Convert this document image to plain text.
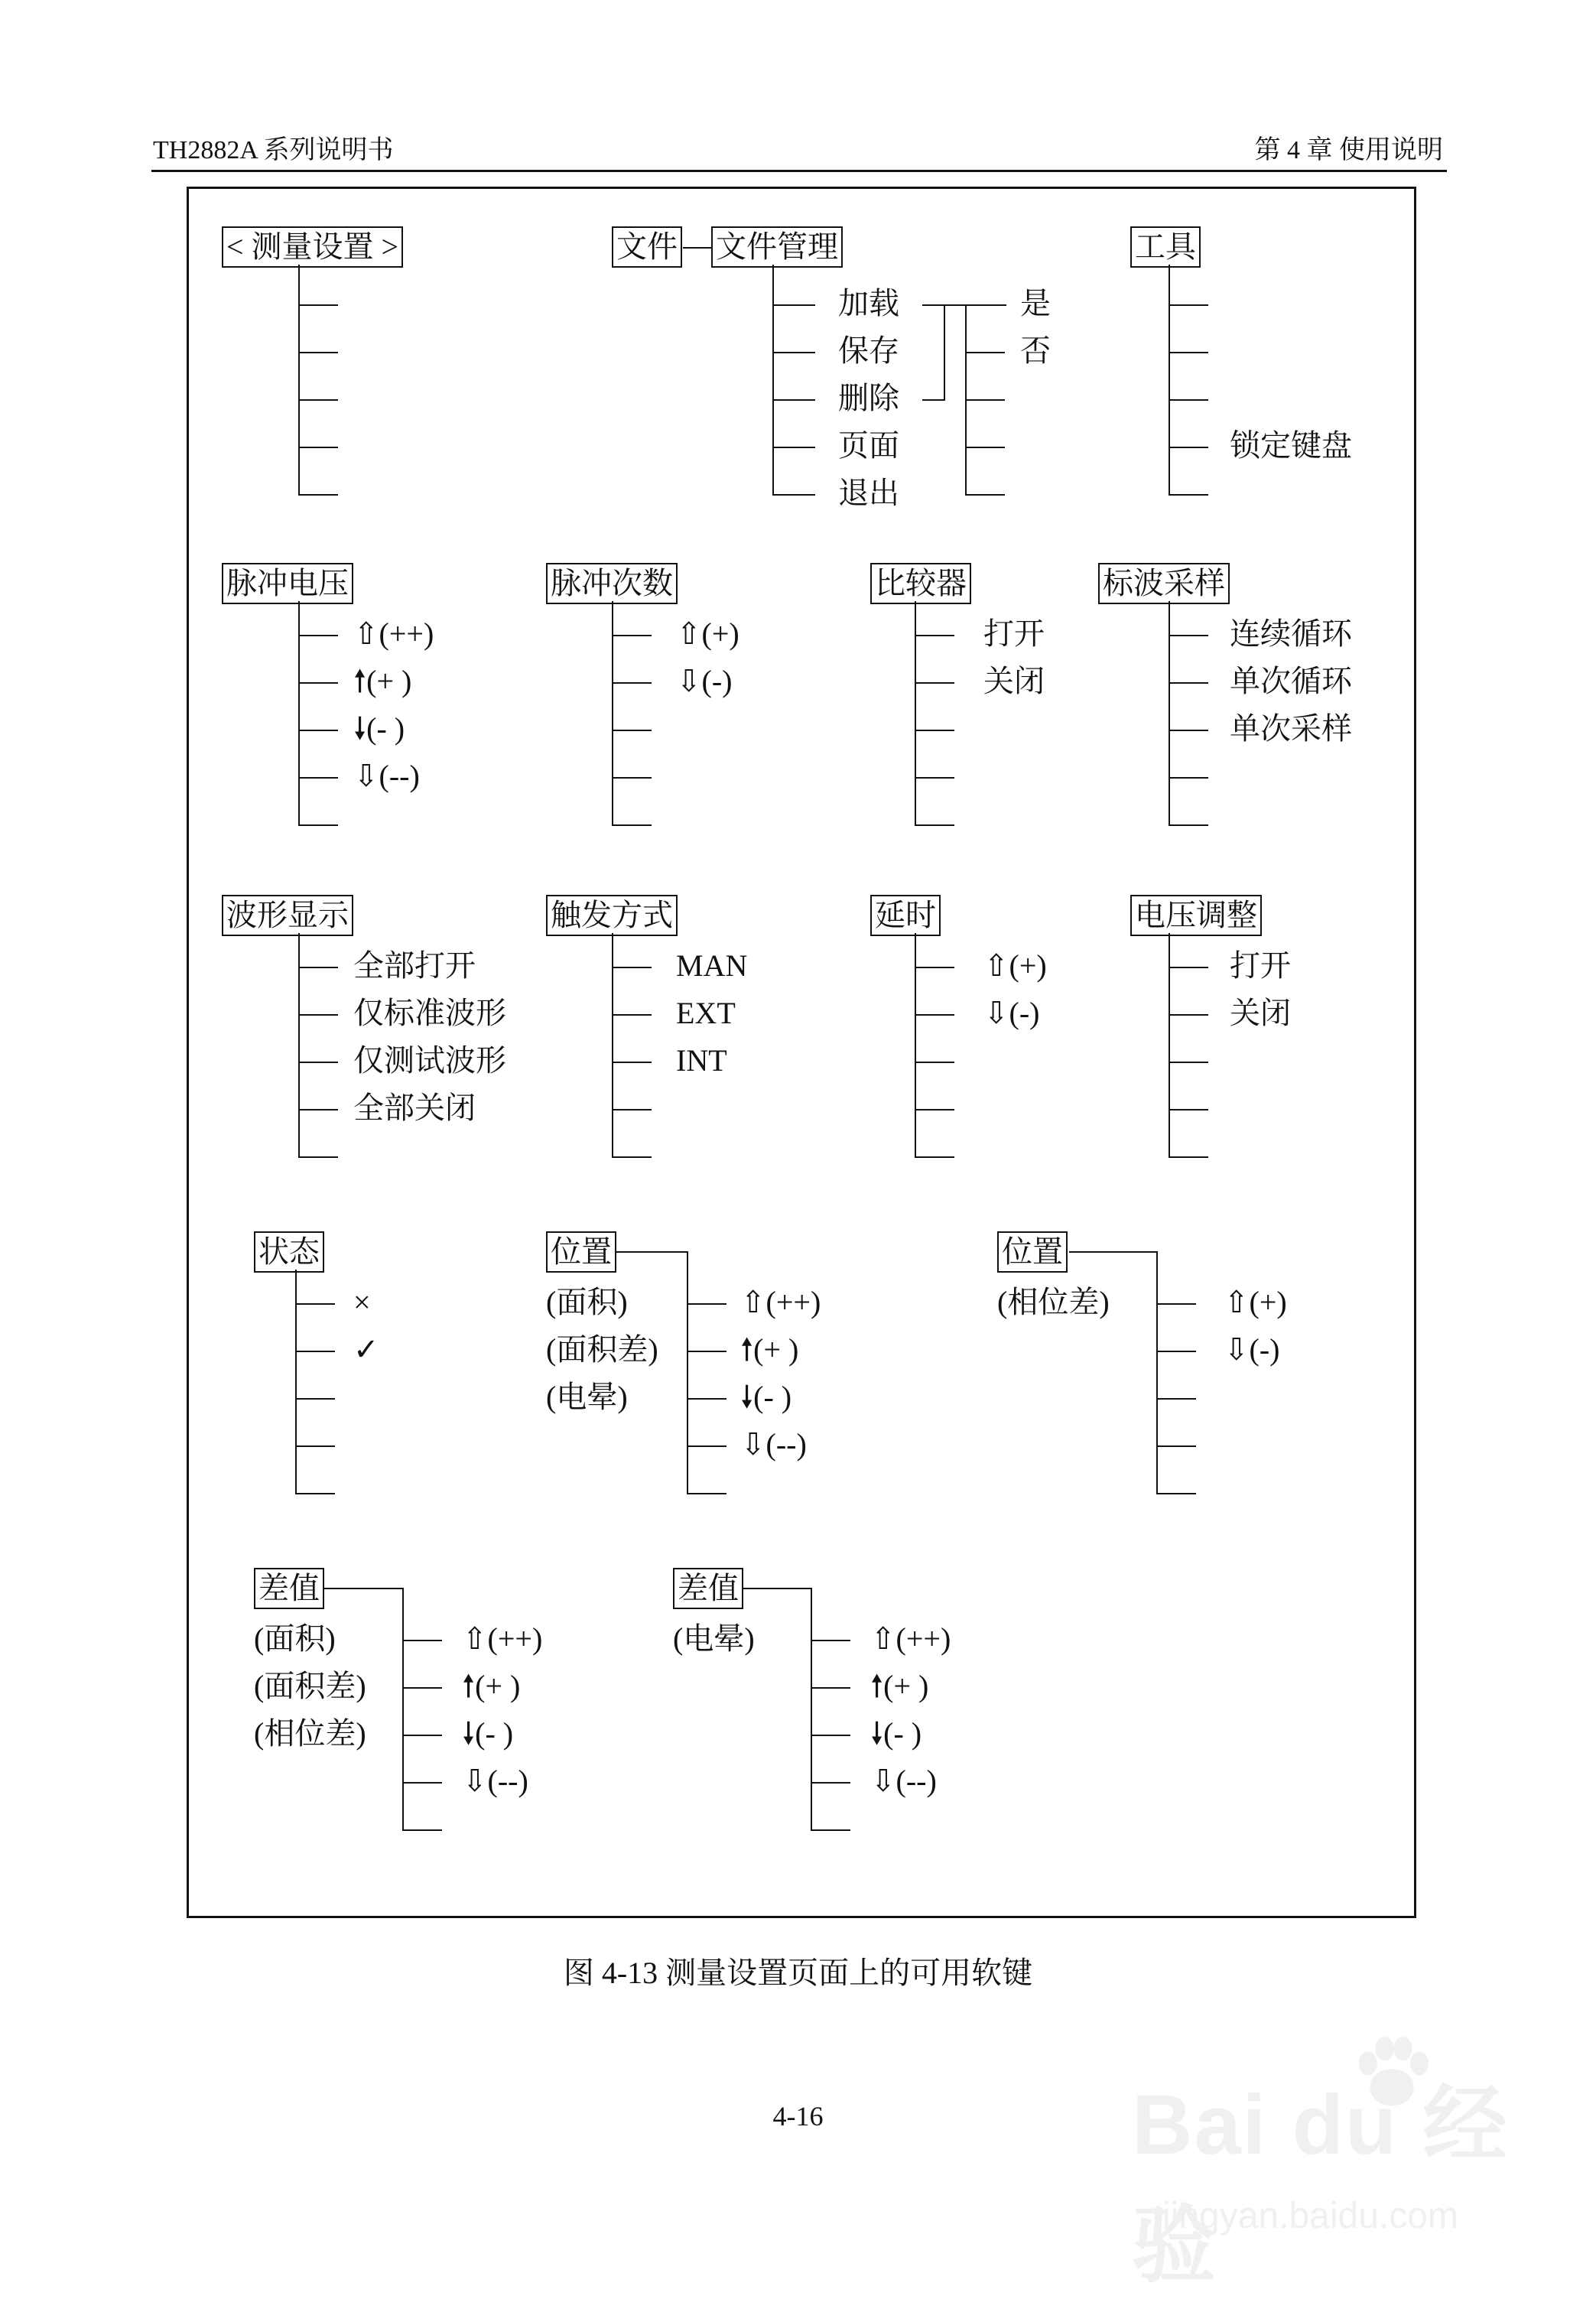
TH2882A 系列说明书	第 4 章 使用说明
< 测量设置 >	文件 文件管理
加载
保存
删除
页面
退出
是
否
工具
锁定键盘
脉冲电压
⇧(++)
🠕(+ )
🠗(- )
⇩(--)
脉冲次数
⇧(+)
⇩(-)
比较器
打开
关闭
标波采样
连续循环
单次循环
单次采样
波形显示
全部打开
仅标准波形
仅测试波形
全部关闭
触发方式
MAN
EXT
INT
延时
⇧(+)
⇩(-)
电压调整
打开
关闭
状态
×
✓
位置
⇧(++)
🠕(+ )
🠗(- )
⇩(--)
(面积)
(面积差)
(电晕)
位置
⇧(+)
⇩(-)
(相位差)
差值
⇧(++)
🠕(+ )
🠗(- )
⇩(--)
(面积)
(面积差)
(相位差)
差值
⇧(++)
🠕(+ )
🠗(- )
⇩(--)
(电晕)
图 4-13 测量设置页面上的可用软键
4-16	Bai du 经验
jingyan.baidu.com
